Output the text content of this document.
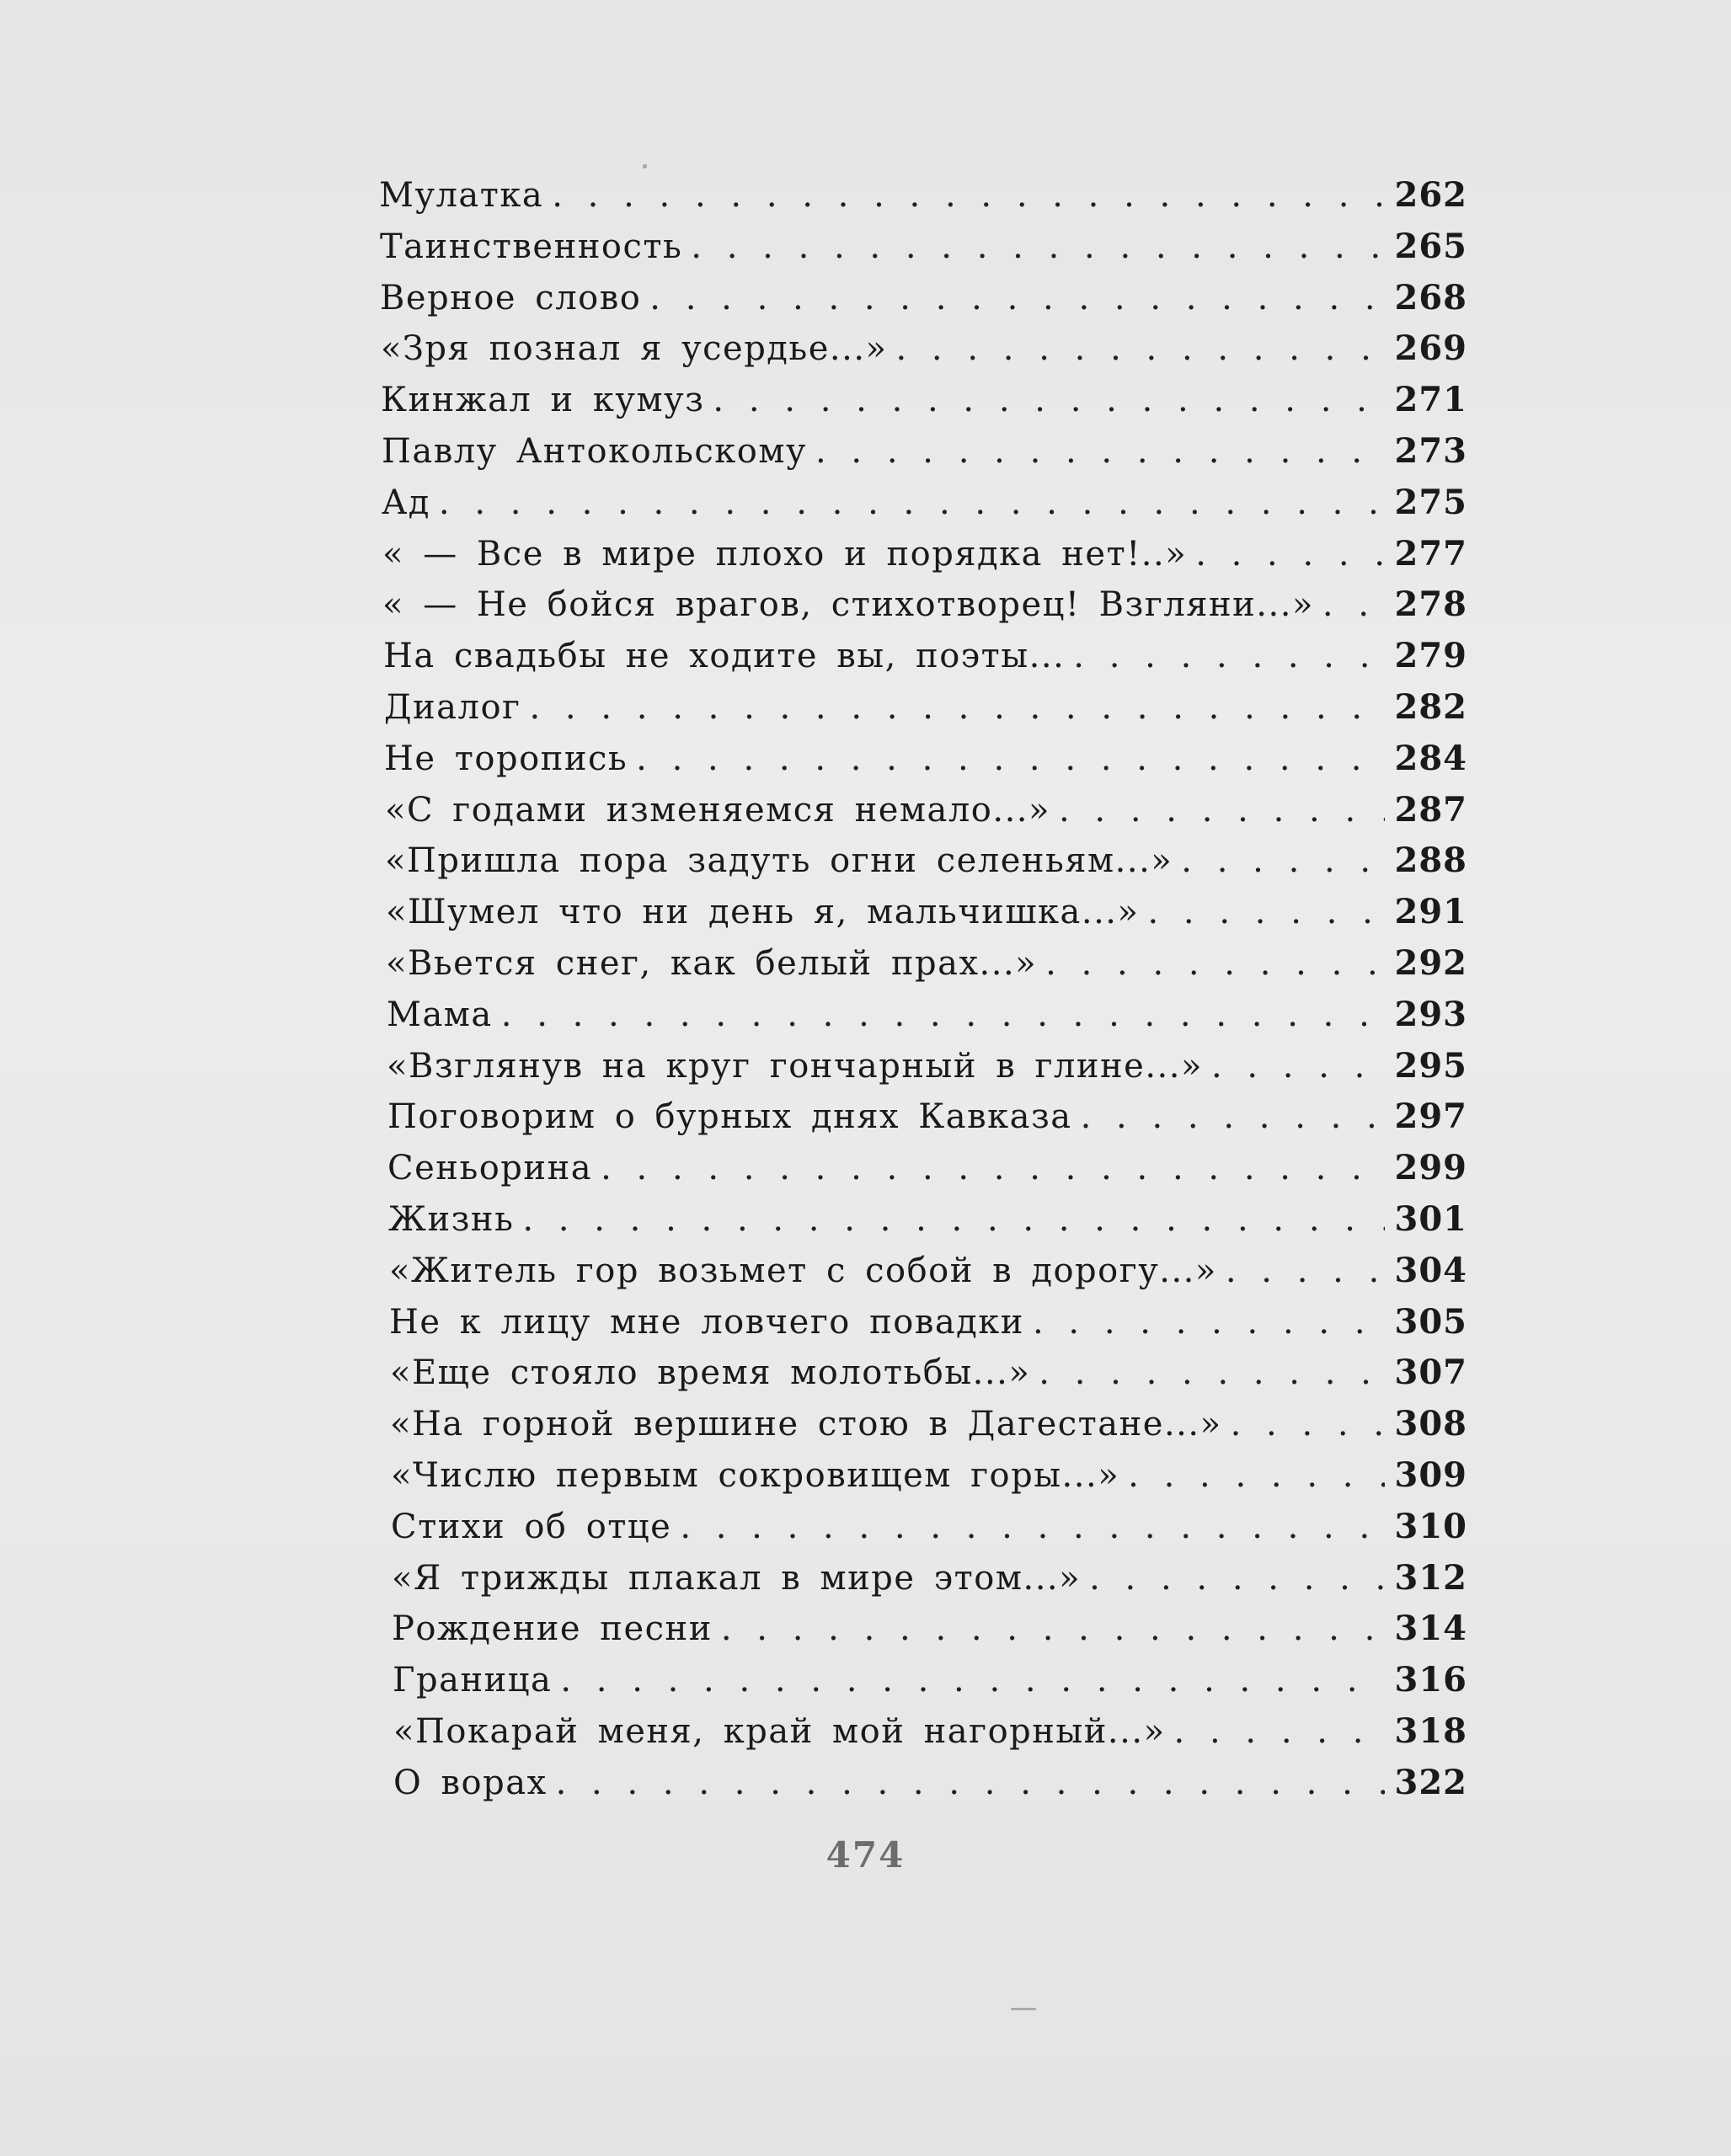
Мулатка . . .	262
Таинственность . . .	265
Верное слово . . .	268
«Зря познал я усердье...» . . .	269
Кинжал и кумуз . . .	271
Павлу Антокольскому . . .	273
Ад . . .	275
« — Все в мире плохо и порядка нет!..» . . .	277
« — Не бойся врагов, стихотворец! Взгляни...» . . .	278
На свадьбы не ходите вы, поэты... . . .	279
Диалог . . .	282
Не торопись . . .	284
«С годами изменяемся немало...» . . .	287
«Пришла пора задуть огни селеньям...» . . .	288
«Шумел что ни день я, мальчишка...» . . .	291
«Вьется снег, как белый прах...» . . .	292
Мама . . .	293
«Взглянув на круг гончарный в глине...» . . .	295
Поговорим о бурных днях Кавказа . . .	297
Сеньорина . . .	299
Жизнь . . .	301
«Житель гор возьмет с собой в дорогу...» . . .	304
Не к лицу мне ловчего повадки . . .	305
«Еще стояло время молотьбы...» . . .	307
«На горной вершине стою в Дагестане...» . . .	308
«Числю первым сокровищем горы...» . . .	309
Стихи об отце . . .	310
«Я трижды плакал в мире этом...» . . .	312
Рождение песни . . .	314
Граница . . .	316
«Покарай меня, край мой нагорный...» . . .	318
О ворах . . .	322
474
